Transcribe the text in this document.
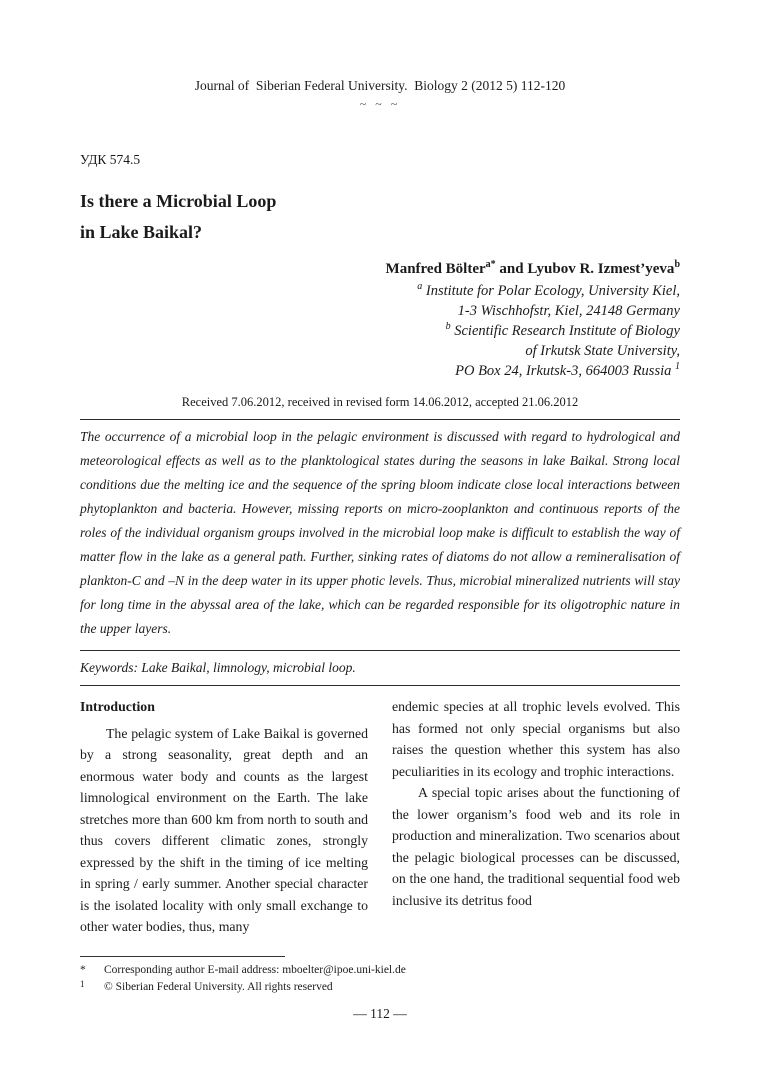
Journal of  Siberian Federal University.  Biology 2 (2012 5) 112-120
~ ~ ~
УДК 574.5
Is there a Microbial Loop
in Lake Baikal?
Manfred Bölter$^{a*}$ and Lyubov R. Izmest’yeva$^b$
$^a$ Institute for Polar Ecology, University Kiel,
1-3 Wischhofstr, Kiel, 24148 Germany
$^b$ Scientific Research Institute of Biology
of Irkutsk State University,
PO Box 24, Irkutsk-3, 664003 Russia $^1$
Received 7.06.2012, received in revised form 14.06.2012, accepted 21.06.2012

The occurrence of a microbial loop in the pelagic environment is discussed with regard to hydrological and meteorological effects as well as to the planktological states during the seasons in lake Baikal. Strong local conditions due the melting ice and the sequence of the spring bloom indicate close local interactions between phytoplankton and bacteria. However, missing reports on micro-zooplankton and continuous reports of the roles of the individual organism groups involved in the microbial loop make is difficult to establish the way of matter flow in the lake as a general path. Further, sinking rates of diatoms do not allow a remineralisation of plankton-C and –N in the deep water in its upper photic levels. Thus, microbial mineralized nutrients will stay for long time in the abyssal area of the lake, which can be regarded responsible for its oligotrophic nature in the upper layers.

Keywords: Lake Baikal, limnology, microbial loop.

Introduction

The pelagic system of Lake Baikal is governed by a strong seasonality, great depth and an enormous water body and counts as the largest limnological environment on the Earth. The lake stretches more than 600 km from north to south and thus covers different climatic zones, strongly expressed by the shift in the timing of ice melting in spring / early summer. Another special character is the isolated locality with only small exchange to other water bodies, thus, many

endemic species at all trophic levels evolved. This has formed not only special organisms but also raises the question whether this system has also peculiarities in its ecology and trophic interactions.

A special topic arises about the functioning of the lower organism’s food web and its role in production and mineralization. Two scenarios about the pelagic biological processes can be discussed, on the one hand, the traditional sequential food web inclusive its detritus food

*	Corresponding author E-mail address: mboelter@ipoe.uni-kiel.de
1	© Siberian Federal University. All rights reserved
— 112 —
